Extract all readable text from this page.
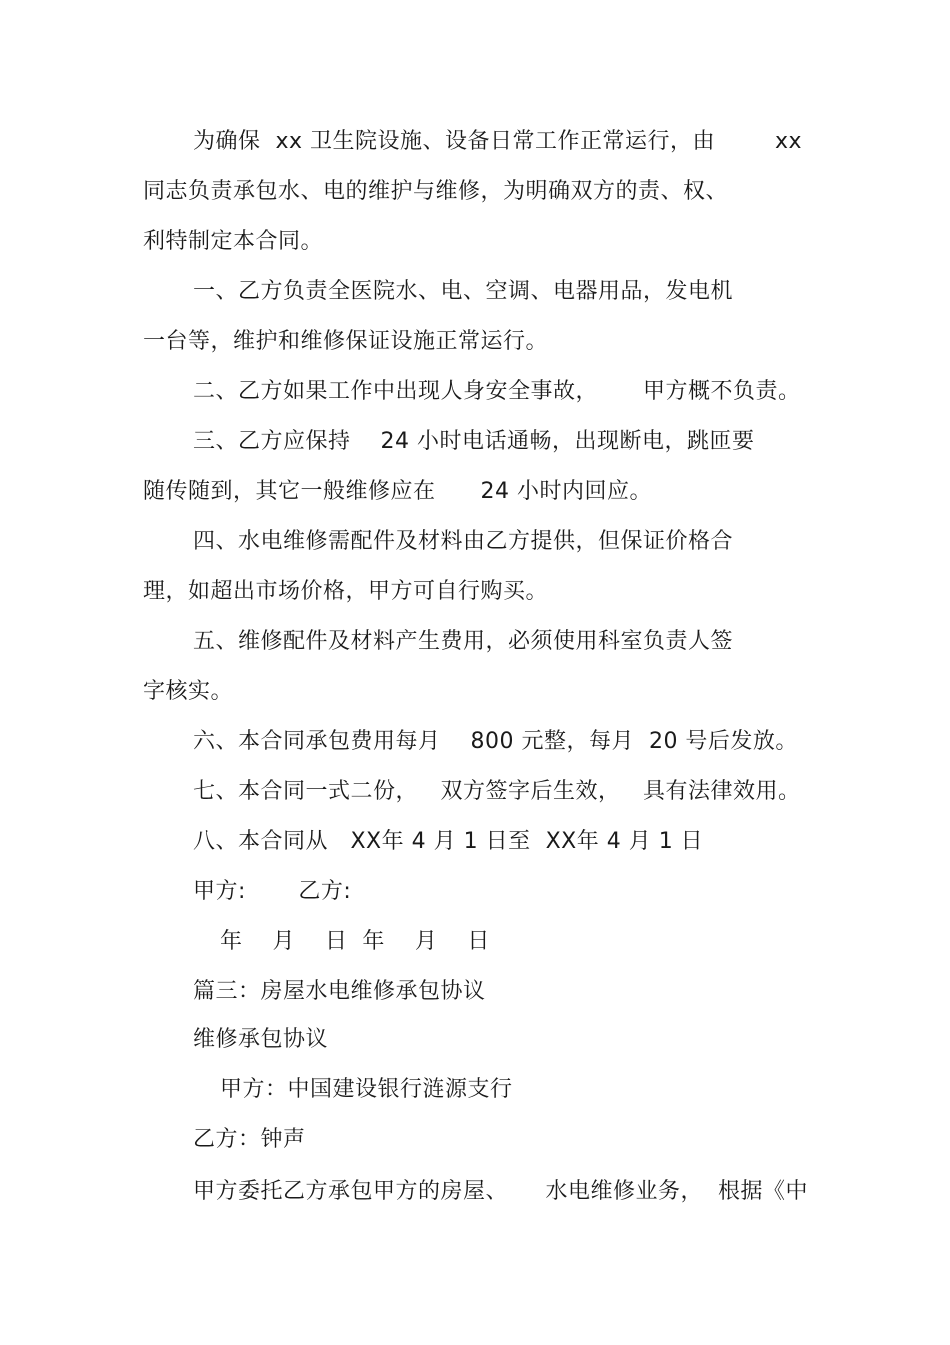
为确保  xx 卫生院设施、设备日常工作正常运行，由        xx
同志负责承包水、电的维护与维修，为明确双方的责、权、
利特制定本合同。
一、乙方负责全医院水、电、空调、电器用品，发电机
一台等，维护和维修保证设施正常运行。
二、乙方如果工作中出现人身安全事故，      甲方概不负责。
三、乙方应保持    24 小时电话通畅，出现断电，跳匝要
随传随到，其它一般维修应在      24 小时内回应。
四、水电维修需配件及材料由乙方提供，但保证价格合
理，如超出市场价格，甲方可自行购买。
五、维修配件及材料产生费用，必须使用科室负责人签
字核实。
六、本合同承包费用每月    800 元整，每月  20 号后发放。
七、本合同一式二份，   双方签字后生效，   具有法律效用。
八、本合同从   XX年 4 月 1 日至  XX年 4 月 1 日
甲方:       乙方:
年    月    日  年    月    日
篇三：房屋水电维修承包协议
维修承包协议
甲方：中国建设银行涟源支行
乙方：钟声
甲方委托乙方承包甲方的房屋、     水电维修业务，  根据《中
